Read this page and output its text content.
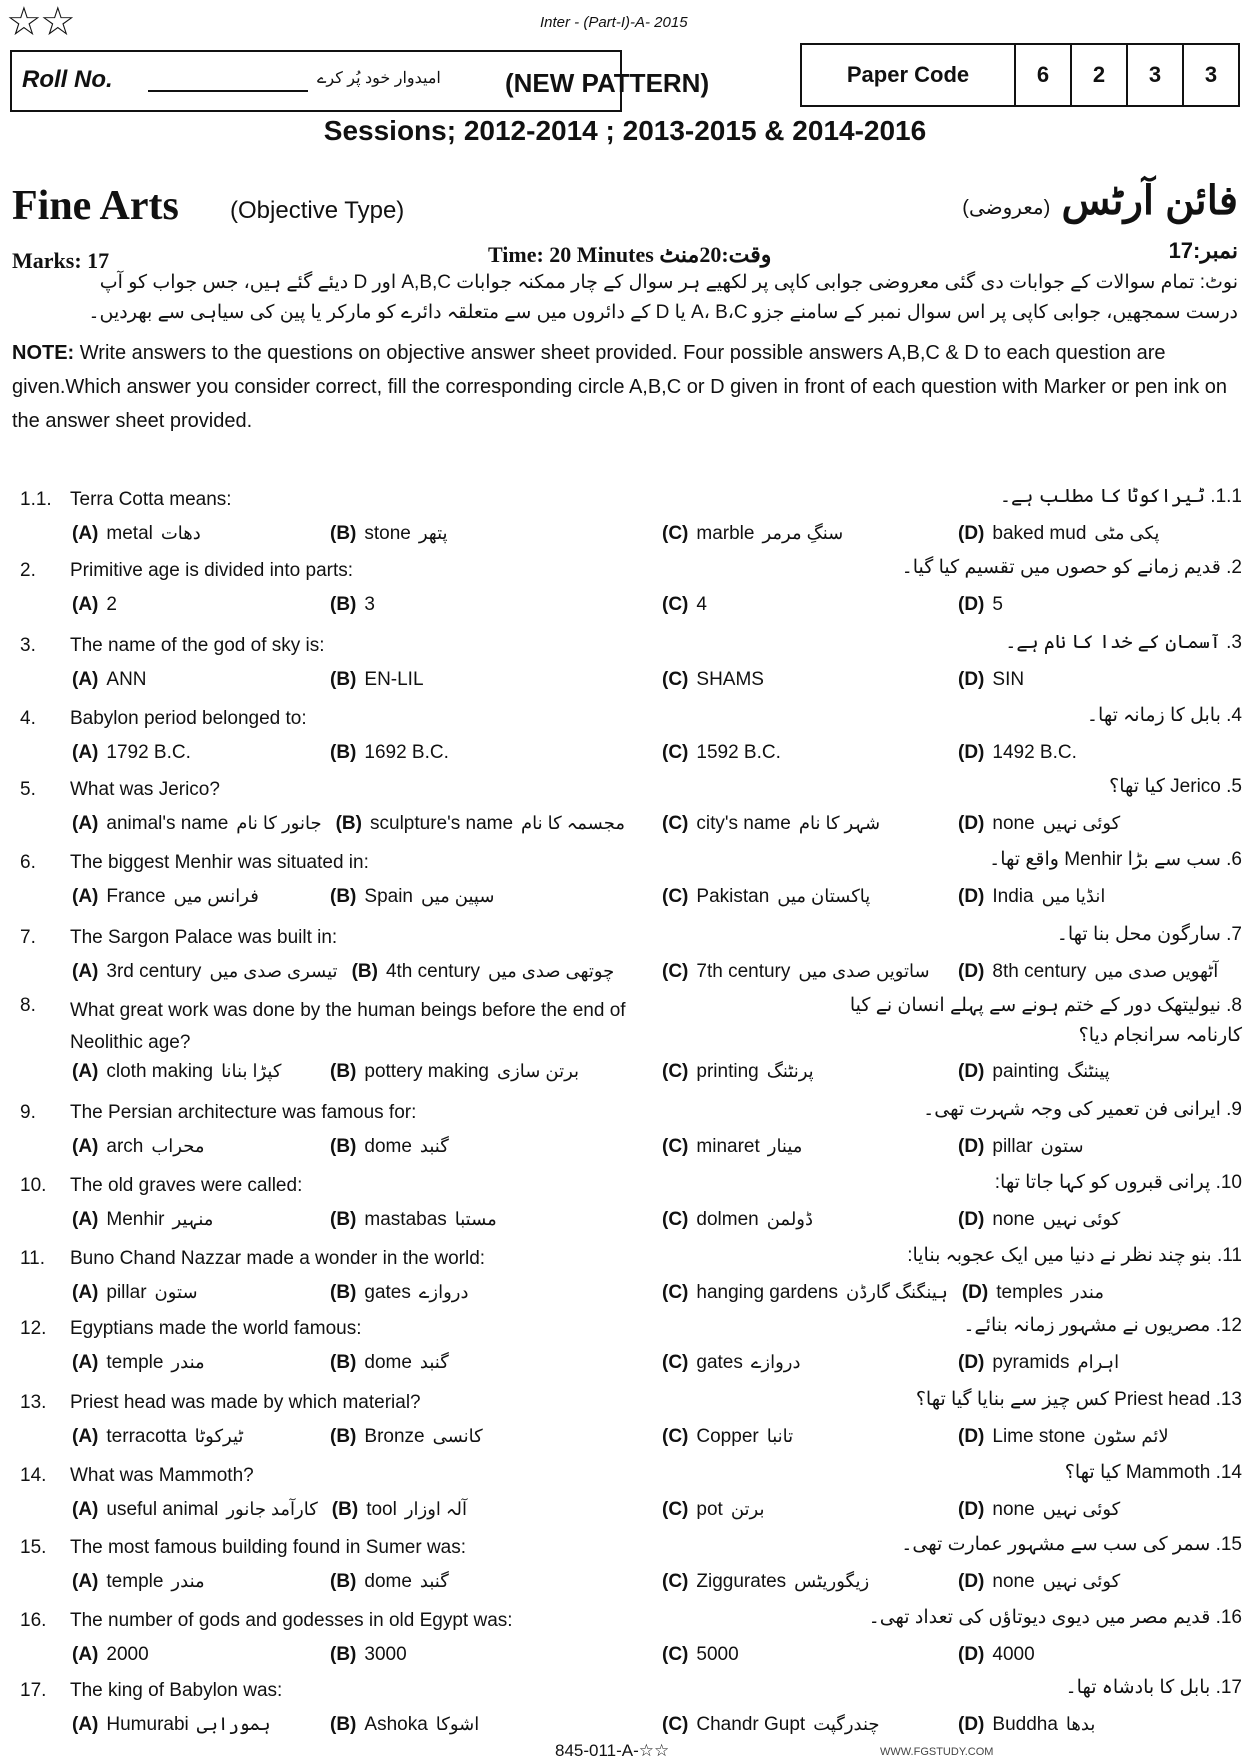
☆☆	Inter - (Part-I)-A- 2015
Roll No.	امیدوار خود پُر کرے (NEW PATTERN)	Paper Code	6	2	3	3
Sessions; 2012-2014 ; 2013-2015 & 2014-2016
Fine Arts (Objective Type)	فائن آرٹس (معروضی)
Marks: 17	Time: 20 Minutes وقت:20منٹ	نمبر:17
نوٹ: تمام سوالات کے جوابات دی گئی معروضی جوابی کاپی پر لکھیے ہر سوال کے چار ممکنہ جوابات A,B,C اور D دیئے گئے ہیں، جس جواب کو آپ درست سمجھیں، جوابی کاپی پر اس سوال نمبر کے سامنے جزو A، B،C یا D کے دائروں میں سے متعلقہ دائرے کو مارکر یا پین کی سیاہی سے بھردیں۔
NOTE: Write answers to the questions on objective answer sheet provided. Four possible answers A,B,C & D to each question are given.Which answer you consider correct, fill the corresponding circle A,B,C or D given in front of each question with Marker or pen ink on the answer sheet provided.
1.1. Terra Cotta means:	1.1. ٹیراکوٹا کا مطلب ہے۔
(A) metal دھات	(B) stone پتھر	(C) marble سنگِ مرمر	(D) baked mud پکی مٹی
2. Primitive age is divided into parts:	2. قدیم زمانے کو حصوں میں تقسیم کیا گیا۔
(A) 2	(B) 3	(C) 4	(D) 5
3. The name of the god of sky is:	3. آسمان کے خدا کا نام ہے۔
(A) ANN	(B) EN-LIL	(C) SHAMS	(D) SIN
4. Babylon period belonged to:	4. بابل کا زمانہ تھا۔
(A) 1792 B.C.	(B) 1692 B.C.	(C) 1592 B.C.	(D) 1492 B.C.
5. What was Jerico?	5. Jerico کیا تھا؟
(A) animal's name جانور کا نام (B) sculpture's name مجسمہ کا نام (C) city's name شہر کا نام	(D) none کوئی نہیں
6. The biggest Menhir was situated in:	6. سب سے بڑا Menhir واقع تھا۔
(A) France فرانس میں	(B) Spain سپین میں	(C) Pakistan پاکستان میں	(D) India انڈیا میں
7. The Sargon Palace was built in:	7. سارگون محل بنا تھا۔
(A) 3rd century تیسری صدی میں (B) 4th century چوتھی صدی میں	(C) 7th century ساتویں صدی میں (D) 8th century آٹھویں صدی میں
8. What great work was done by the human beings before the end of Neolithic age?
8. نیولیتھک دور کے ختم ہونے سے پہلے انسان نے کیا کارنامہ سرانجام دیا؟
(A) cloth making کپڑا بنانا	(B) pottery making برتن سازی	(C) printing پرنٹنگ	(D) painting پینٹنگ
9. The Persian architecture was famous for:	9. ایرانی فن تعمیر کی وجہ شہرت تھی۔
(A) arch محراب	(B) dome گنبد	(C) minaret مینار	(D) pillar ستون
10. The old graves were called:	10. پرانی قبروں کو کہا جاتا تھا:
(A) Menhir منہیر	(B) mastabas مستبا	(C) dolmen ڈولمن	(D) none کوئی نہیں
11. Buno Chand Nazzar made a wonder in the world:	11. بنو چند نظر نے دنیا میں ایک عجوبہ بنایا:
(A) pillar ستون	(B) gates دروازے	(C) hanging gardens ہینگنگ گارڈن (D) temples مندر
12. Egyptians made the world famous:	12. مصریوں نے مشہور زمانہ بنائے۔
(A) temple مندر	(B) dome گنبد	(C) gates دروازے	(D) pyramids اہرام
13. Priest head was made by which material?	13. Priest head کس چیز سے بنایا گیا تھا؟
(A) terracotta ٹیرکوٹا	(B) Bronze کانسی	(C) Copper تانبا	(D) Lime stone لائم سٹون
14. What was Mammoth?	14. Mammoth کیا تھا؟
(A) useful animal کارآمد جانور (B) tool آلہ اوزار	(C) pot برتن	(D) none کوئی نہیں
15. The most famous building found in Sumer was:	15. سمر کی سب سے مشہور عمارت تھی۔
(A) temple مندر	(B) dome گنبد	(C) Ziggurates زیگوریٹس	(D) none کوئی نہیں
16. The number of gods and godesses in old Egypt was:	16. قدیم مصر میں دیوی دیوتاؤں کی تعداد تھی۔
(A) 2000	(B) 3000	(C) 5000	(D) 4000
17. The king of Babylon was:	17. بابل کا بادشاہ تھا۔
(A) Humurabi ہمورابی	(B) Ashoka اشوکا	(C) Chandr Gupt چندرگپت	(D) Buddha بدھا
845-011-A-☆☆	WWW.FGSTUDY.COM
